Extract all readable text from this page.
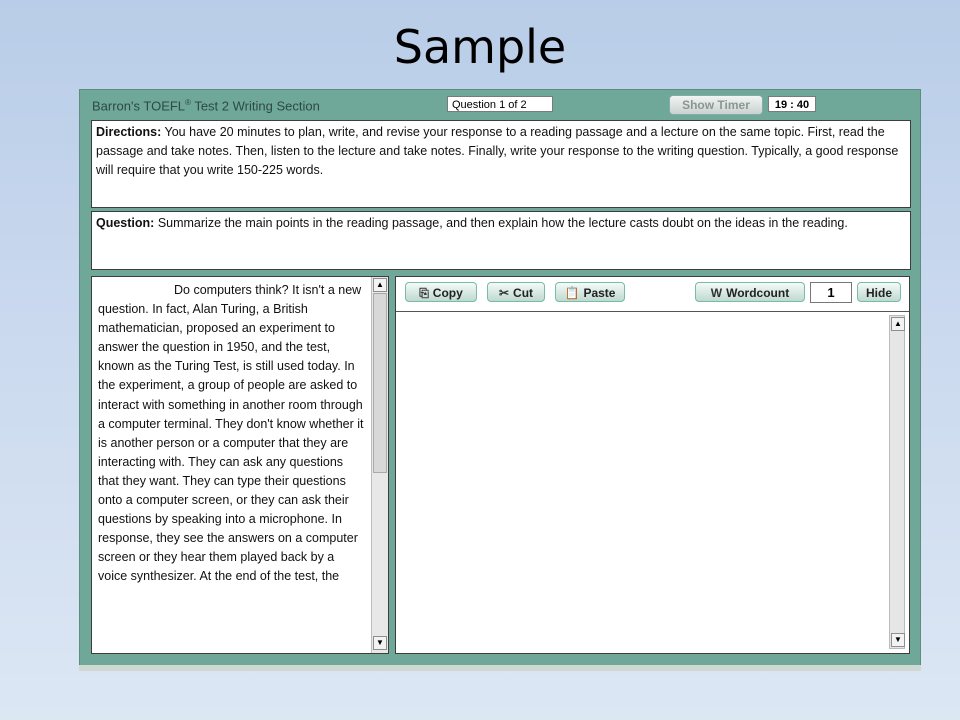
Sample
Barron's TOEFL® Test 2 Writing Section	Question 1 of 2	Show Timer	19 : 40
Directions: You have 20 minutes to plan, write, and revise your response to a reading passage and a lecture on the same topic. First, read the passage and take notes. Then, listen to the lecture and take notes. Finally, write your response to the writing question. Typically, a good response will require that you write 150-225 words.
Question: Summarize the main points in the reading passage, and then explain how the lecture casts doubt on the ideas in the reading.

Do computers think? It isn't a new question. In fact, Alan Turing, a British mathematician, proposed an experiment to answer the question in 1950, and the test, known as the Turing Test, is still used today. In the experiment, a group of people are asked to interact with something in another room through a computer terminal. They don't know whether it is another person or a computer that they are interacting with. They can ask any questions that they want. They can type their questions onto a computer screen, or they can ask their questions by speaking into a microphone. In response, they see the answers on a computer screen or they hear them played back by a voice synthesizer. At the end of the test, the

▲
▼
⎘ Copy	✂ Cut	📋 Paste	W Wordcount	1	Hide
▲
▼
